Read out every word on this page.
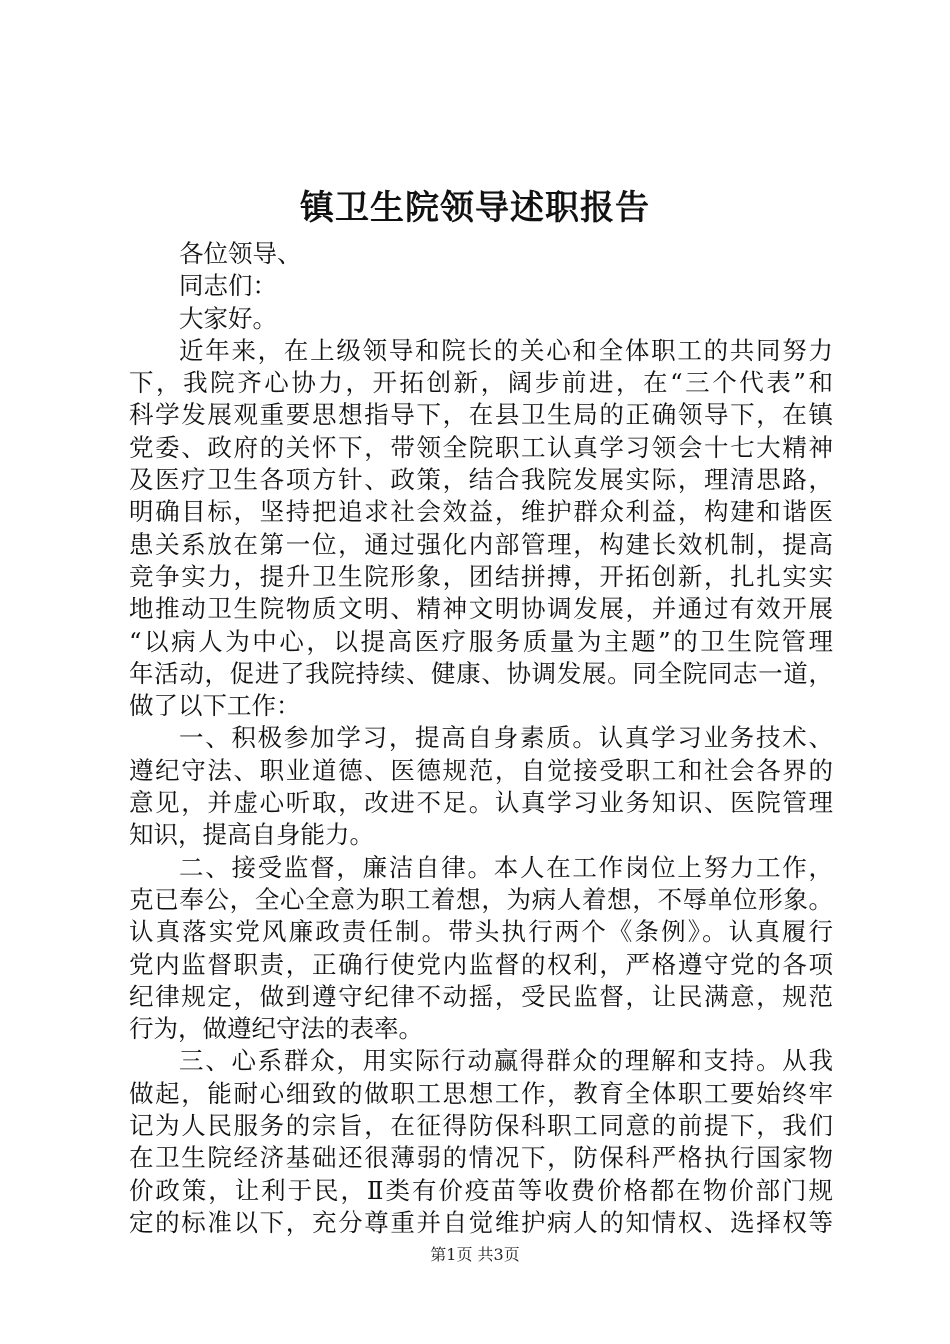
镇卫生院领导述职报告
各位领导、
同志们：
大家好。
近年来，在上级领导和院长的关心和全体职工的共同努力
下，我院齐心协力，开拓创新，阔步前进，在“三个代表”和
科学发展观重要思想指导下，在县卫生局的正确领导下，在镇
党委、政府的关怀下，带领全院职工认真学习领会十七大精神
及医疗卫生各项方针、政策，结合我院发展实际，理清思路，
明确目标，坚持把追求社会效益，维护群众利益，构建和谐医
患关系放在第一位，通过强化内部管理，构建长效机制，提高
竞争实力，提升卫生院形象，团结拼搏，开拓创新，扎扎实实
地推动卫生院物质文明、精神文明协调发展，并通过有效开展
“以病人为中心，以提高医疗服务质量为主题”的卫生院管理
年活动，促进了我院持续、健康、协调发展。同全院同志一道，
做了以下工作：
一、积极参加学习，提高自身素质。认真学习业务技术、
遵纪守法、职业道德、医德规范，自觉接受职工和社会各界的
意见，并虚心听取，改进不足。认真学习业务知识、医院管理
知识，提高自身能力。
二、接受监督，廉洁自律。本人在工作岗位上努力工作，
克已奉公，全心全意为职工着想，为病人着想，不辱单位形象。
认真落实党风廉政责任制。带头执行两个《条例》。认真履行
党内监督职责，正确行使党内监督的权利，严格遵守党的各项
纪律规定，做到遵守纪律不动摇，受民监督，让民满意，规范
行为，做遵纪守法的表率。
三、心系群众，用实际行动赢得群众的理解和支持。从我
做起，能耐心细致的做职工思想工作，教育全体职工要始终牢
记为人民服务的宗旨，在征得防保科职工同意的前提下，我们
在卫生院经济基础还很薄弱的情况下，防保科严格执行国家物
价政策，让利于民，Ⅱ类有价疫苗等收费价格都在物价部门规
定的标准以下，充分尊重并自觉维护病人的知情权、选择权等
第1页 共3页
